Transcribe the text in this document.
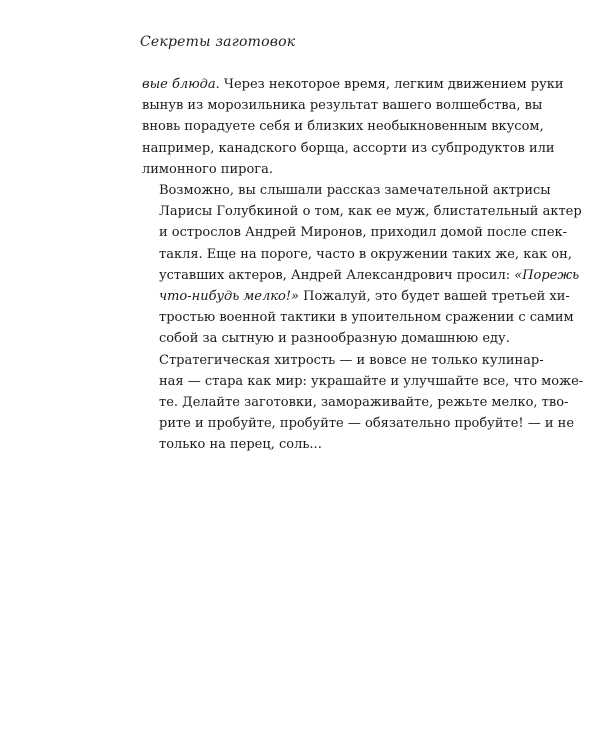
Секреты заготовок

вые блюда. Через некоторое время, легким движением руки
вынув из морозильника результат вашего волшебства, вы
вновь порадуете себя и близких необыкновенным вкусом,
например, канадского борща, ассорти из субпродуктов или
лимонного пирога.

Возможно, вы слышали рассказ замечательной актрисы
Ларисы Голубкиной о том, как ее муж, блистательный актер
и остpослов Андрей Миронов, приходил домой после спек-
такля. Еще на пороге, часто в окружении таких же, как он,
уставших актеров, Андрей Александрович просил: «Порежь
что-нибудь мелко!» Пожалуй, это будет вашей третьей хи-
тростью военной тактики в упоительном сражении с самим
собой за сытную и разнообразную домашнюю еду.

Стратегическая хитрость — и вовсе не только кулинар-
ная — стара как мир: украшайте и улучшайте все, что може-
те. Делайте заготовки, замораживайте, режьте мелко, тво-
рите и пробуйте, пробуйте — обязательно пробуйте! — и не
только на перец, соль...
